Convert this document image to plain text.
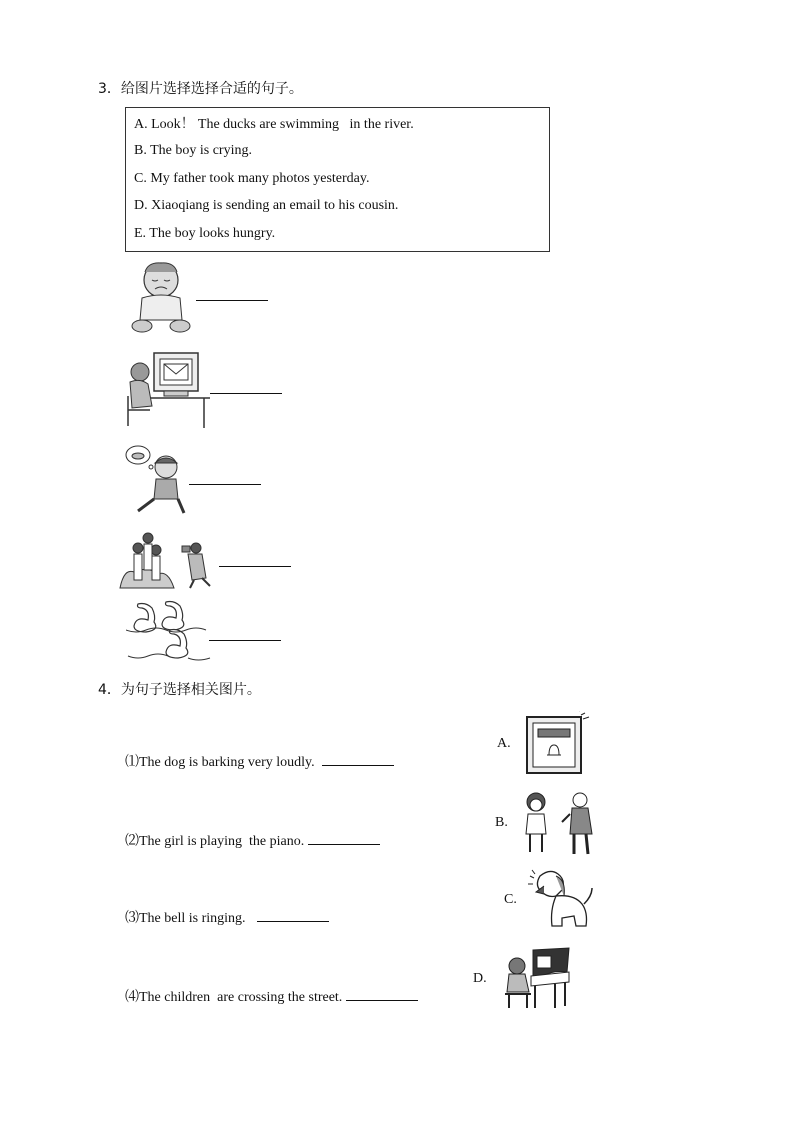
3．给图片选择选择合适的句子。
A. Look！ The ducks are swimming   in the river.
B. The boy is crying.
C. My father took many photos yesterday.
D. Xiaoqiang is sending an email to his cousin.
E. The boy looks hungry.
4．为句子选择相关图片。

⑴The dog is barking very loudly.

⑵The girl is playing  the piano.

⑶The bell is ringing.

⑷The children  are crossing the street.

A.
B.
C.
D.
